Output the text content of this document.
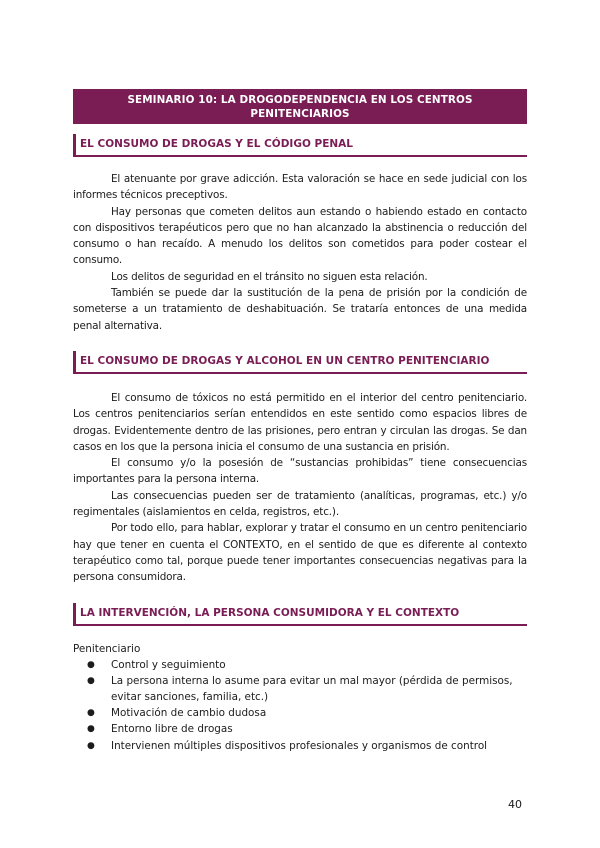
SEMINARIO 10: LA DROGODEPENDENCIA EN LOS CENTROS
PENITENCIARIOS
EL CONSUMO DE DROGAS Y EL CÓDIGO PENAL

El atenuante por grave adicción. Esta valoración se hace en sede judicial con los informes técnicos preceptivos.

Hay personas que cometen delitos aun estando o habiendo estado en contacto con dispositivos terapéuticos pero que no han alcanzado la abstinencia o reducción del consumo o han recaído. A menudo los delitos son cometidos para poder costear el consumo.

Los delitos de seguridad en el tránsito no siguen esta relación.

También se puede dar la sustitución de la pena de prisión por la condición de someterse a un tratamiento de deshabituación. Se trataría entonces de una medida penal alternativa.

EL CONSUMO DE DROGAS Y ALCOHOL EN UN CENTRO PENITENCIARIO

El consumo de tóxicos no está permitido en el interior del centro penitenciario. Los centros penitenciarios serían entendidos en este sentido como espacios libres de drogas. Evidentemente dentro de las prisiones, pero entran y circulan las drogas. Se dan casos en los que la persona inicia el consumo de una sustancia en prisión.

El consumo y/o la posesión de “sustancias prohibidas” tiene consecuencias importantes para la persona interna.

Las consecuencias pueden ser de tratamiento (analíticas, programas, etc.) y/o regimentales (aislamientos en celda, registros, etc.).

Por todo ello, para hablar, explorar y tratar el consumo en un centro penitenciario hay que tener en cuenta el CONTEXTO, en el sentido de que es diferente al contexto terapéutico como tal, porque puede tener importantes consecuencias negativas para la persona consumidora.

LA INTERVENCIÓN, LA PERSONA CONSUMIDORA Y EL CONTEXTO
Penitenciario
● Control y seguimiento
● La persona interna lo asume para evitar un mal mayor (pérdida de permisos, evitar sanciones, familia, etc.)
● Motivación de cambio dudosa
● Entorno libre de drogas
● Intervienen múltiples dispositivos profesionales y organismos de control
40
